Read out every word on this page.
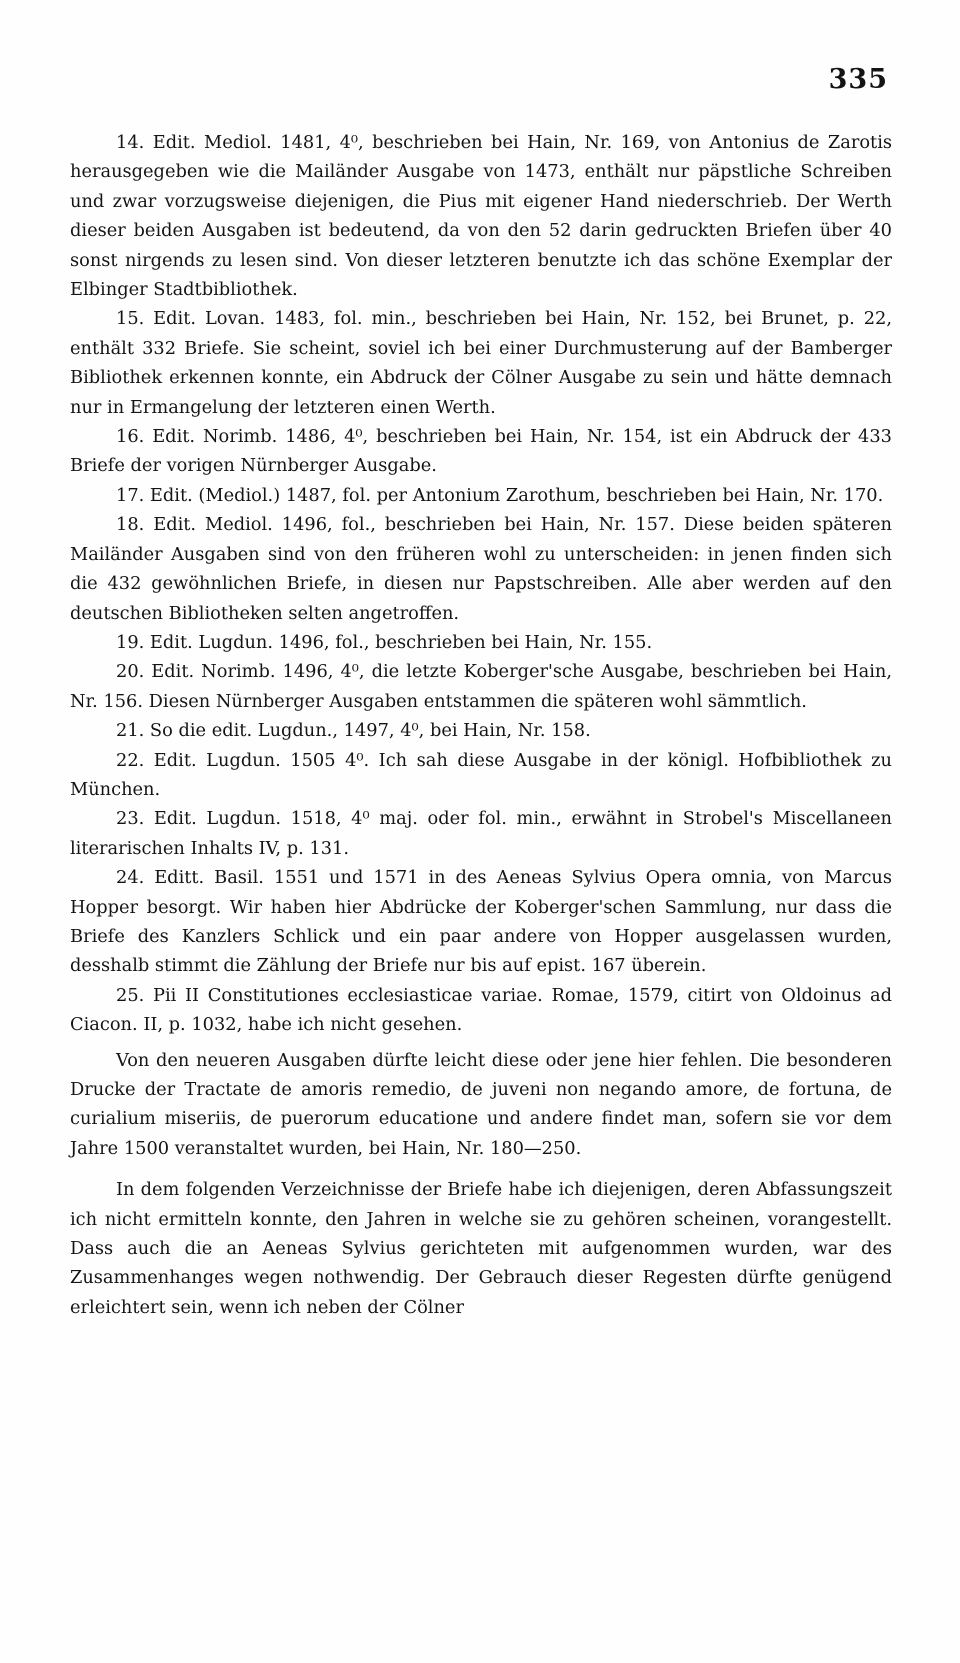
335

14. Edit. Mediol. 1481, 4⁰, beschrieben bei Hain, Nr. 169, von Antonius de Zarotis herausgegeben wie die Mailänder Ausgabe von 1473, enthält nur päpstliche Schreiben und zwar vorzugsweise diejenigen, die Pius mit eigener Hand niederschrieb. Der Werth dieser beiden Ausgaben ist bedeutend, da von den 52 darin gedruckten Briefen über 40 sonst nirgends zu lesen sind. Von dieser letzteren benutzte ich das schöne Exemplar der Elbinger Stadtbibliothek.

15. Edit. Lovan. 1483, fol. min., beschrieben bei Hain, Nr. 152, bei Brunet, p. 22, enthält 332 Briefe. Sie scheint, soviel ich bei einer Durchmusterung auf der Bamberger Bibliothek erkennen konnte, ein Abdruck der Cölner Ausgabe zu sein und hätte demnach nur in Ermangelung der letzteren einen Werth.

16. Edit. Norimb. 1486, 4⁰, beschrieben bei Hain, Nr. 154, ist ein Abdruck der 433 Briefe der vorigen Nürnberger Ausgabe.

17. Edit. (Mediol.) 1487, fol. per Antonium Zarothum, beschrieben bei Hain, Nr. 170.

18. Edit. Mediol. 1496, fol., beschrieben bei Hain, Nr. 157. Diese beiden späteren Mailänder Ausgaben sind von den früheren wohl zu unterscheiden: in jenen finden sich die 432 gewöhnlichen Briefe, in diesen nur Papstschreiben. Alle aber werden auf den deutschen Bibliotheken selten angetroffen.

19. Edit. Lugdun. 1496, fol., beschrieben bei Hain, Nr. 155.

20. Edit. Norimb. 1496, 4⁰, die letzte Koberger'sche Ausgabe, beschrieben bei Hain, Nr. 156. Diesen Nürnberger Ausgaben entstammen die späteren wohl sämmtlich.

21. So die edit. Lugdun., 1497, 4⁰, bei Hain, Nr. 158.

22. Edit. Lugdun. 1505 4⁰. Ich sah diese Ausgabe in der königl. Hofbibliothek zu München.

23. Edit. Lugdun. 1518, 4⁰ maj. oder fol. min., erwähnt in Strobel's Miscellaneen literarischen Inhalts IV, p. 131.

24. Editt. Basil. 1551 und 1571 in des Aeneas Sylvius Opera omnia, von Marcus Hopper besorgt. Wir haben hier Abdrücke der Koberger'schen Sammlung, nur dass die Briefe des Kanzlers Schlick und ein paar andere von Hopper ausgelassen wurden, desshalb stimmt die Zählung der Briefe nur bis auf epist. 167 überein.

25. Pii II Constitutiones ecclesiasticae variae. Romae, 1579, citirt von Oldoinus ad Ciacon. II, p. 1032, habe ich nicht gesehen.

Von den neueren Ausgaben dürfte leicht diese oder jene hier fehlen. Die besonderen Drucke der Tractate de amoris remedio, de juveni non negando amore, de fortuna, de curialium miseriis, de puerorum educatione und andere findet man, sofern sie vor dem Jahre 1500 veranstaltet wurden, bei Hain, Nr. 180—250.

In dem folgenden Verzeichnisse der Briefe habe ich diejenigen, deren Abfassungszeit ich nicht ermitteln konnte, den Jahren in welche sie zu gehören scheinen, vorangestellt. Dass auch die an Aeneas Sylvius gerichteten mit aufgenommen wurden, war des Zusammenhanges wegen nothwendig. Der Gebrauch dieser Regesten dürfte genügend erleichtert sein, wenn ich neben der Cölner
